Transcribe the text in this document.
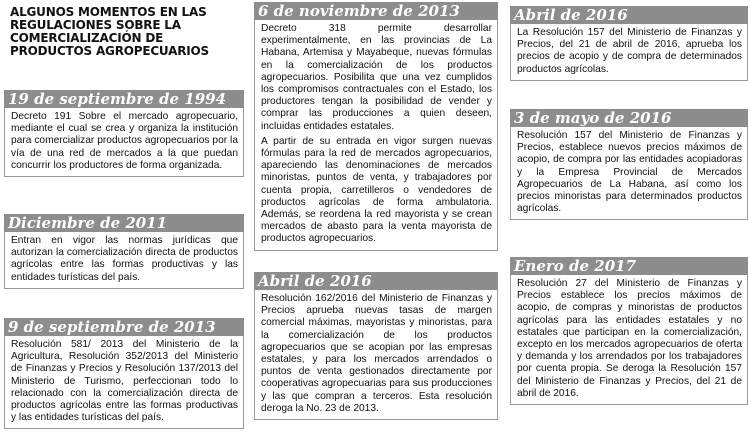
ALGUNOS MOMENTOS EN LAS REGULACIONES SOBRE LA COMERCIALIZACIÓN DE PRODUCTOS AGROPECUARIOS
19 de septiembre de 1994

Decreto 191 Sobre el mercado agropecuario, mediante el cual se crea y organiza la institución para comercializar productos agropecuarios por la vía de una red de mercados a la que puedan concurrir los productores de forma organizada.

Diciembre de 2011

Entran en vigor las normas jurídicas que autorizan la comercialización directa de productos agrícolas entre las formas productivas y las entidades turísticas del país.

9 de septiembre de 2013

Resolución 581/ 2013 del Ministerio de la Agricultura, Resolución 352/2013 del Ministerio de Finanzas y Precios y Resolución 137/2013 del Ministerio de Turismo, perfeccionan todo lo relacionado con la comercialización directa de productos agrícolas entre las formas productivas y las entidades turísticas del país.

6 de noviembre de 2013

Decreto 318 permite desarrollar experimentalmente, en las provincias de La Habana, Artemisa y Mayabeque, nuevas fórmulas en la comercialización de los productos agropecuarios. Posibilita que una vez cumplidos los compromisos contractuales con el Estado, los productores tengan la posibilidad de vender y comprar las producciones a quien deseen, incluidas entidades estatales.

A partir de su entrada en vigor surgen nuevas fórmulas para la red de mercados agropecuarios, apareciendo las denominaciones de mercados minoristas, puntos de venta, y trabajadores por cuenta propia, carretilleros o vendedores de productos agrícolas de forma ambulatoria. Además, se reordena la red mayorista y se crean mercados de abasto para la venta mayorista de productos agropecuarios.

Abril de 2016

Resolución 162/2016 del Ministerio de Finanzas y Precios aprueba nuevas tasas de margen comercial máximas, mayoristas y minoristas, para la comercialización de los productos agropecuarios que se acopian por las empresas estatales, y para los mercados arrendados o puntos de venta gestionados directamente por cooperativas agropecuarias para sus producciones y las que compran a terceros. Esta resolución deroga la No. 23 de 2013.

Abril de 2016

La Resolución 157 del Ministerio de Finanzas y Precios, del 21 de abril de 2016, aprueba los precios de acopio y de compra de determinados productos agrícolas.

3 de mayo de 2016

Resolución 157 del Ministerio de Finanzas y Precios, establece nuevos precios máximos de acopio, de compra por las entidades acopiadoras y la Empresa Provincial de Mercados Agropecuarios de La Habana, así como los precios minoristas para determinados productos agrícolas.

Enero de 2017

Resolución 27 del Ministerio de Finanzas y Precios establece los precios máximos de acopio, de compras y minoristas de productos agrícolas para las entidades estatales y no estatales que participan en la comercialización, excepto en los mercados agropecuarios de oferta y demanda y los arrendados por los trabajadores por cuenta propia. Se deroga la Resolución 157 del Ministerio de Finanzas y Precios, del 21 de abril de 2016.
